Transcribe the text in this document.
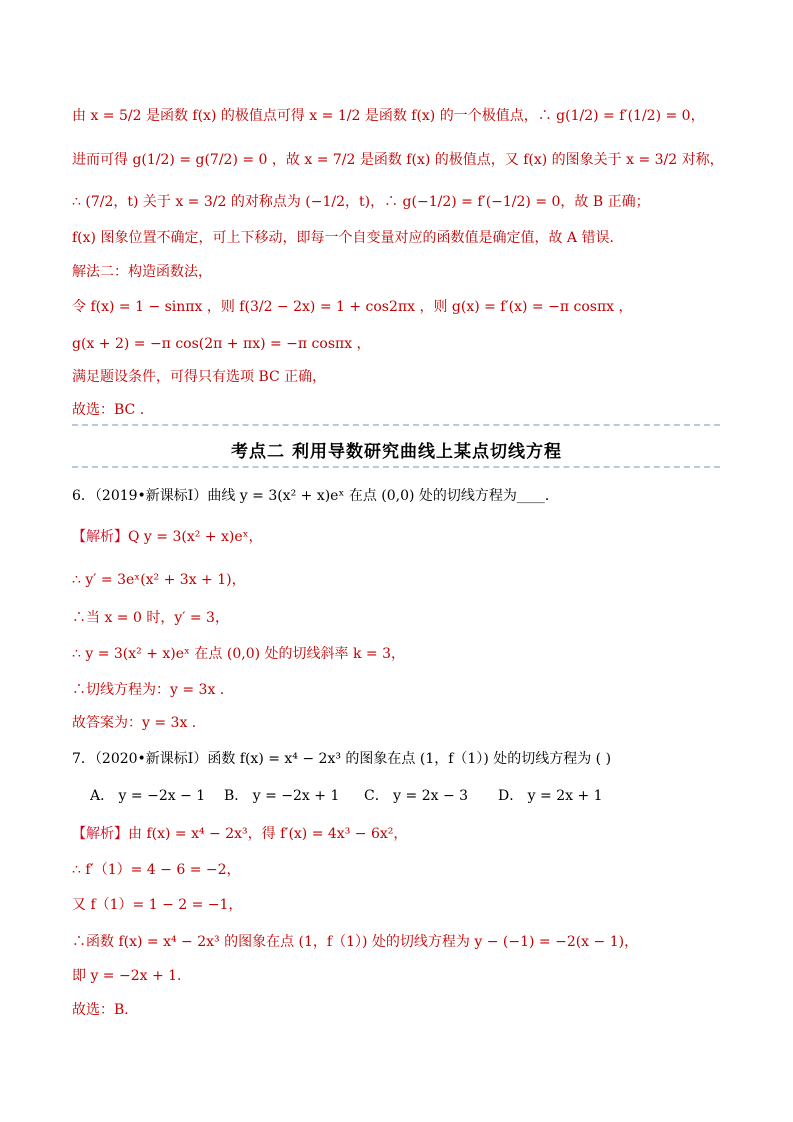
由 x = 5/2 是函数 f(x) 的极值点可得 x = 1/2 是函数 f(x) 的一个极值点，∴ g(1/2) = f′(1/2) = 0，
进而可得 g(1/2) = g(7/2) = 0 ，故 x = 7/2 是函数 f(x) 的极值点，又 f(x) 的图象关于 x = 3/2 对称，
∴ (7/2，t) 关于 x = 3/2 的对称点为 (−1/2，t)，∴ g(−1/2) = f′(−1/2) = 0，故 B 正确；
f(x) 图象位置不确定，可上下移动，即每一个自变量对应的函数值是确定值，故 A 错误．
解法二：构造函数法，
令 f(x) = 1 − sinπx ，则 f(3/2 − 2x) = 1 + cos2πx ，则 g(x) = f′(x) = −π cosπx ，
g(x + 2) = −π cos(2π + πx) = −π cosπx ，
满足题设条件，可得只有选项 BC 正确，
故选：BC ．
考点二 利用导数研究曲线上某点切线方程
6．（2019•新课标Ⅰ）曲线 y = 3(x² + x)eˣ 在点 (0,0) 处的切线方程为____．
【解析】Q y = 3(x² + x)eˣ，
∴ y′ = 3eˣ(x² + 3x + 1)，
∴当 x = 0 时，y′ = 3，
∴ y = 3(x² + x)eˣ 在点 (0,0) 处的切线斜率 k = 3，
∴切线方程为：y = 3x ．
故答案为：y = 3x ．
7．（2020•新课标Ⅰ）函数 f(x) = x⁴ − 2x³ 的图象在点 (1，f（1）) 处的切线方程为 ( )
A． y = −2x − 1 B． y = −2x + 1 C． y = 2x − 3 D． y = 2x + 1
【解析】由 f(x) = x⁴ − 2x³，得 f′(x) = 4x³ − 6x²，
∴ f′（1）= 4 − 6 = −2，
又 f（1）= 1 − 2 = −1，
∴函数 f(x) = x⁴ − 2x³ 的图象在点 (1，f（1）) 处的切线方程为 y − (−1) = −2(x − 1)，
即 y = −2x + 1．
故选：B．
